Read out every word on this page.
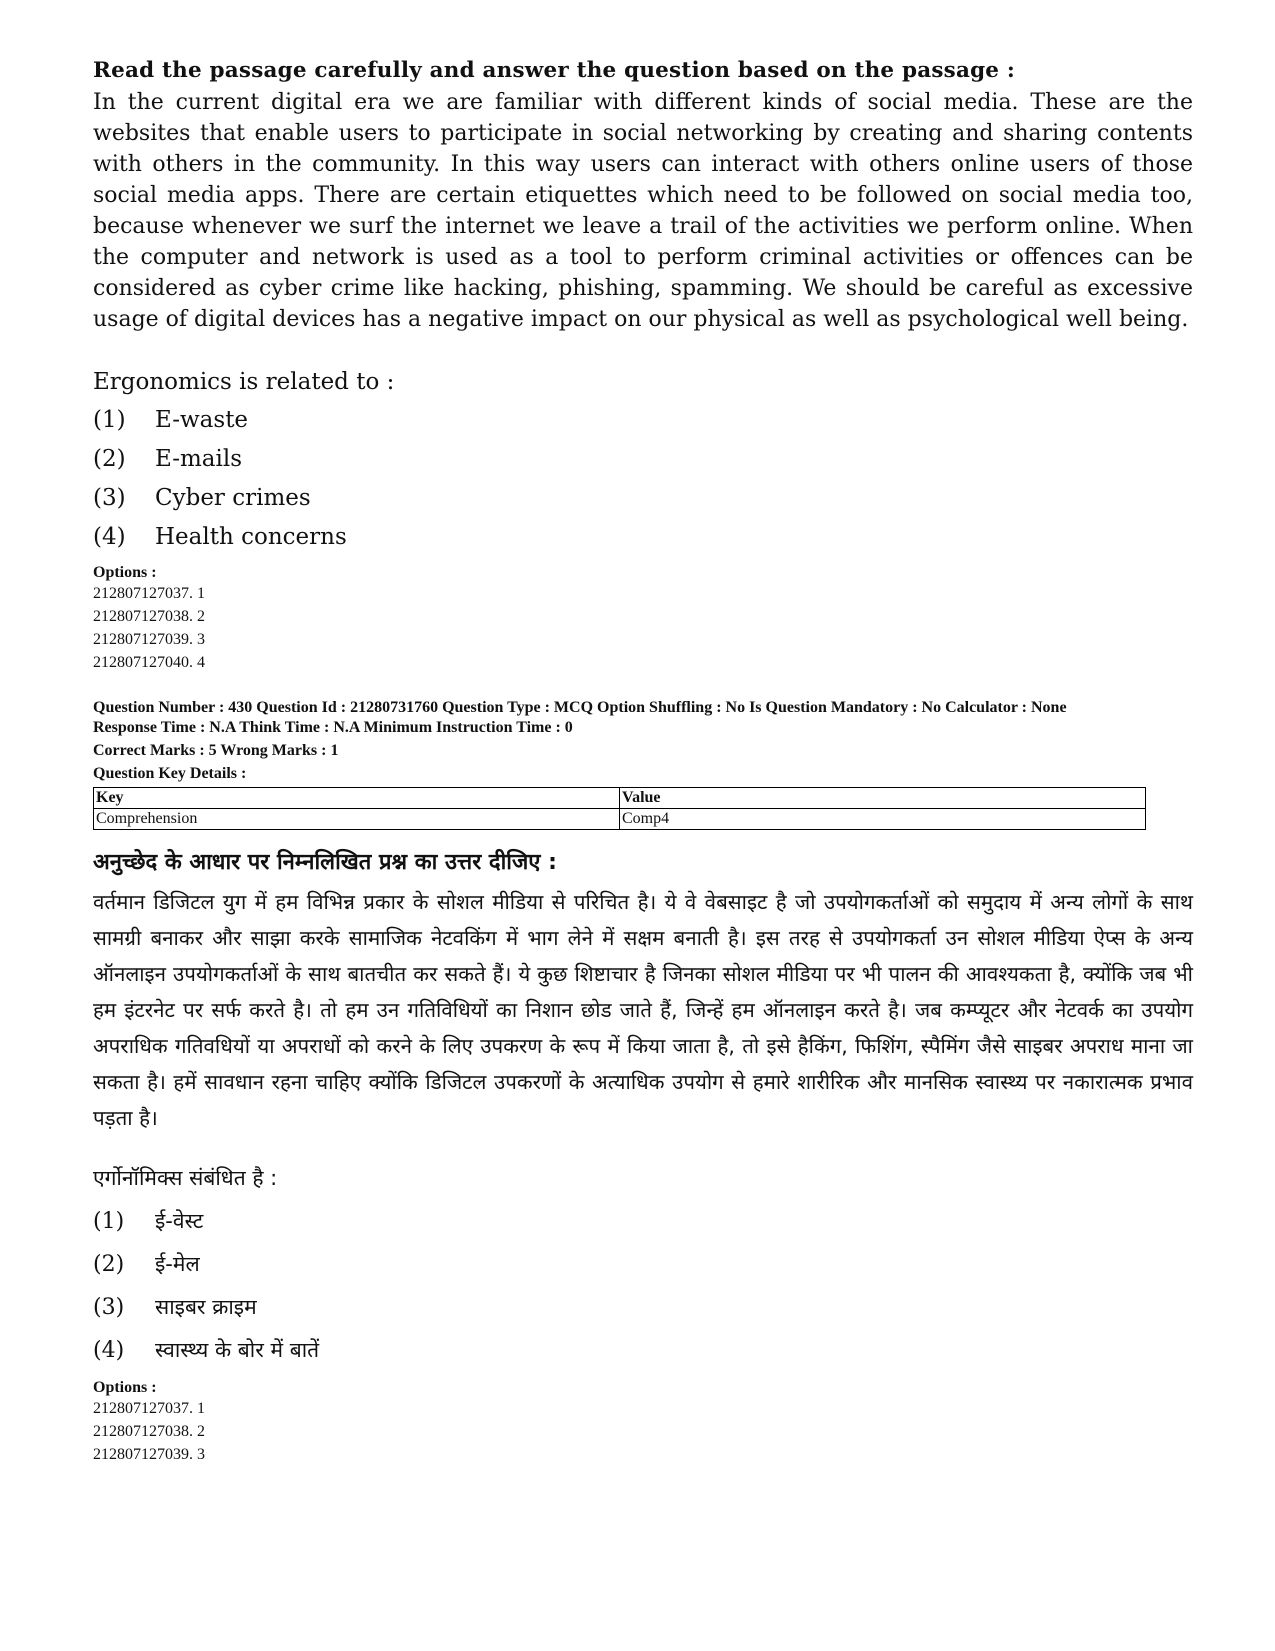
Read the passage carefully and answer the question based on the passage :

In the current digital era we are familiar with different kinds of social media. These are the websites that enable users to participate in social networking by creating and sharing contents with others in the community. In this way users can interact with others online users of those social media apps. There are certain etiquettes which need to be followed on social media too, because whenever we surf the internet we leave a trail of the activities we perform online. When the computer and network is used as a tool to perform criminal activities or offences can be considered as cyber crime like hacking, phishing, spamming. We should be careful as excessive usage of digital devices has a negative impact on our physical as well as psychological well being.

Ergonomics is related to :

(1)	E-waste
(2)	E-mails
(3)	Cyber crimes
(4)	Health concerns

Options :

212807127037. 1

212807127038. 2

212807127039. 3

212807127040. 4

Question Number : 430 Question Id : 21280731760 Question Type : MCQ Option Shuffling : No Is Question Mandatory : No Calculator : None

Response Time : N.A Think Time : N.A Minimum Instruction Time : 0

Correct Marks : 5 Wrong Marks : 1

Question Key Details :

Key	Value
Comprehension	Comp4

अनुच्छेद के आधार पर निम्नलिखित प्रश्न का उत्तर दीजिए :

वर्तमान डिजिटल युग में हम विभिन्न प्रकार के सोशल मीडिया से परिचित है। ये वे वेबसाइट है जो उपयोगकर्ताओं को समुदाय में अन्य लोगों के साथ सामग्री बनाकर और साझा करके सामाजिक नेटवकिंग में भाग लेने में सक्षम बनाती है। इस तरह से उपयोगकर्ता उन सोशल मीडिया ऐप्स के अन्य ऑनलाइन उपयोगकर्ताओं के साथ बातचीत कर सकते हैं। ये कुछ शिष्टाचार है जिनका सोशल मीडिया पर भी पालन की आवश्यकता है, क्योंकि जब भी हम इंटरनेट पर सर्फ करते है। तो हम उन गतिविधियों का निशान छोड जाते हैं, जिन्हें हम ऑनलाइन करते है। जब कम्प्यूटर और नेटवर्क का उपयोग अपराधिक गतिवधियों या अपराधों को करने के लिए उपकरण के रूप में किया जाता है, तो इसे हैकिंग, फिशिंग, स्पैमिंग जैसे साइबर अपराध माना जा सकता है। हमें सावधान रहना चाहिए क्योंकि डिजिटल उपकरणों के अत्याधिक उपयोग से हमारे शारीरिक और मानसिक स्वास्थ्य पर नकारात्मक प्रभाव पड़ता है।

एर्गोनॉमिक्स संबंधित है :

(1)	ई-वेस्ट
(2)	ई-मेल
(3)	साइबर क्राइम
(4)	स्वास्थ्य के बोर में बातें

Options :

212807127037. 1

212807127038. 2

212807127039. 3
